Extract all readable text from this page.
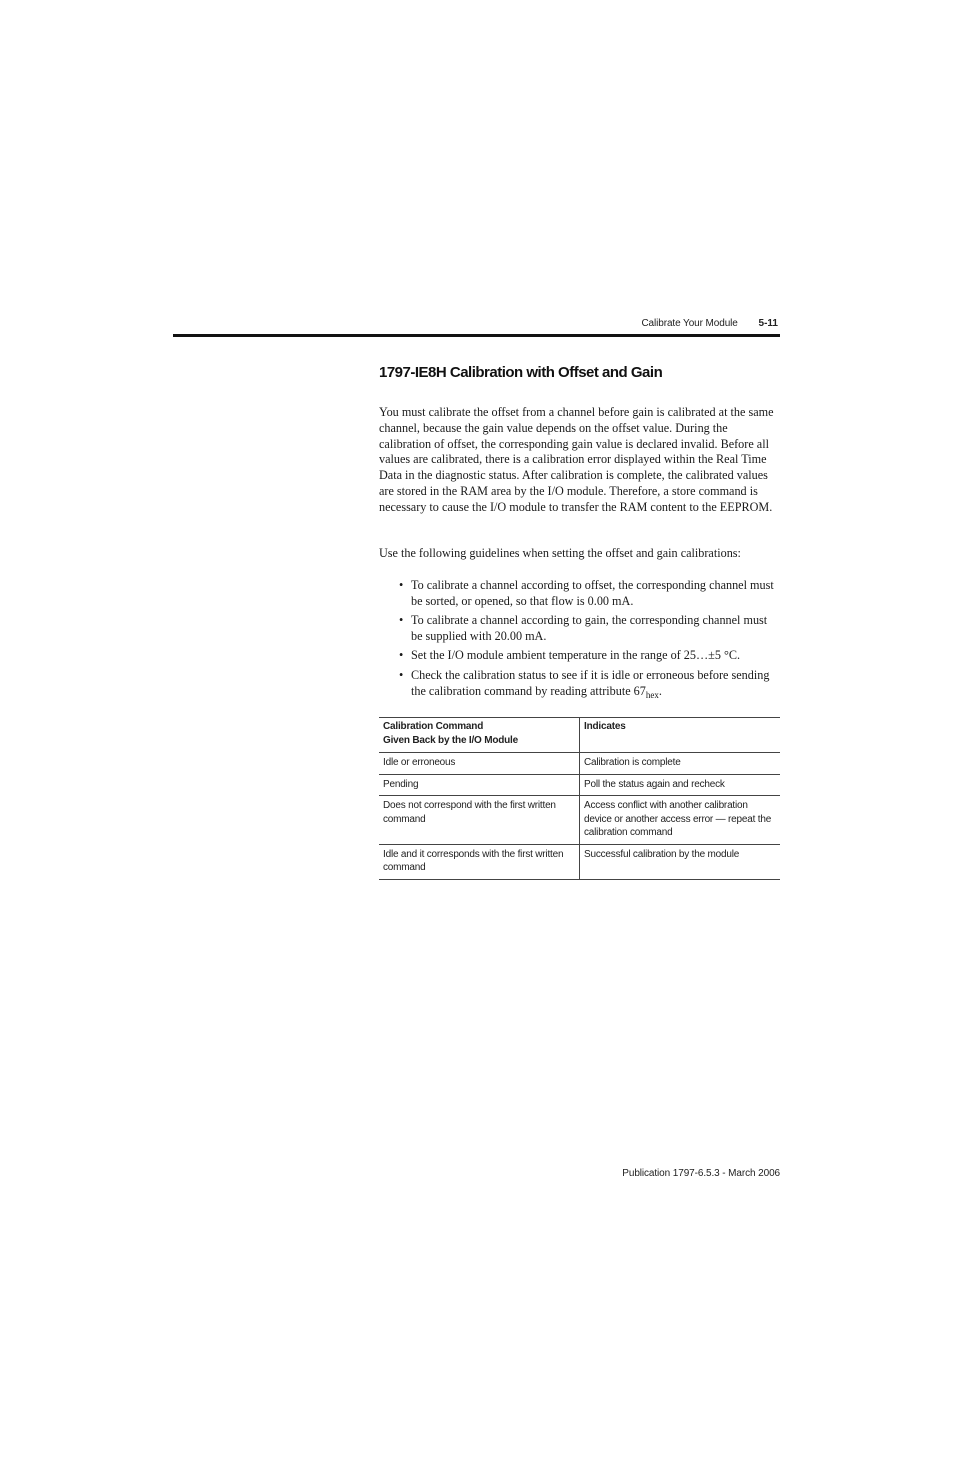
Calibrate Your Module 5-11
1797-IE8H Calibration with Offset and Gain

You must calibrate the offset from a channel before gain is calibrated at the same channel, because the gain value depends on the offset value. During the calibration of offset, the corresponding gain value is declared invalid. Before all values are calibrated, there is a calibration error displayed within the Real Time Data in the diagnostic status. After calibration is complete, the calibrated values are stored in the RAM area by the I/O module. Therefore, a store command is necessary to cause the I/O module to transfer the RAM content to the EEPROM.

Use the following guidelines when setting the offset and gain calibrations:

• To calibrate a channel according to offset, the corresponding channel must be sorted, or opened, so that flow is 0.00 mA.
• To calibrate a channel according to gain, the corresponding channel must be supplied with 20.00 mA.
• Set the I/O module ambient temperature in the range of 25…±5 °C.
• Check the calibration status to see if it is idle or erroneous before sending the calibration command by reading attribute $67_{hex}$.
Calibration Command
Given Back by the I/O Module	Indicates
Idle or erroneous	Calibration is complete
Pending	Poll the status again and recheck
Does not correspond with the first written command	Access conflict with another calibration device or another access error — repeat the calibration command
Idle and it corresponds with the first written command	Successful calibration by the module
Publication 1797-6.5.3 - March 2006
